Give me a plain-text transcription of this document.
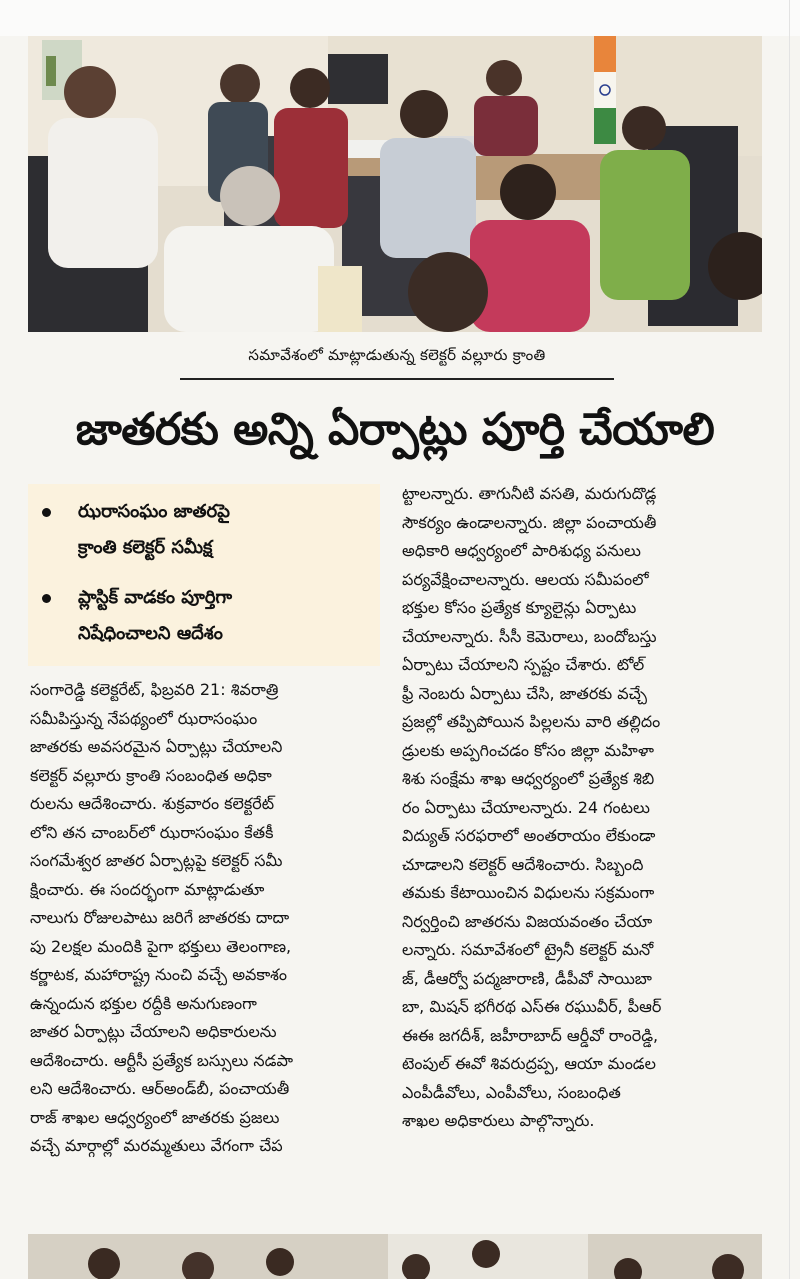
సమావేశంలో మాట్లాడుతున్న కలెక్టర్ వల్లూరు క్రాంతి
జాతరకు అన్ని ఏర్పాట్లు పూర్తి చేయాలి
ఝరాసంఘం జాతరపై
క్రాంతి కలెక్టర్ సమీక్ష
ప్లాస్టిక్ వాడకం పూర్తిగా
నిషేధించాలని ఆదేశం
సంగారెడ్డి కలెక్టరేట్, ఫిబ్రవరి 21: శివరాత్రి
సమీపిస్తున్న నేపథ్యంలో ఝరాసంఘం
జాతరకు అవసరమైన ఏర్పాట్లు చేయాలని
కలెక్టర్ వల్లూరు క్రాంతి సంబంధిత అధికా
రులను ఆదేశించారు. శుక్రవారం కలెక్టరేట్
లోని తన చాంబర్‌లో ఝరాసంఘం కేతకీ
సంగమేశ్వర జాతర ఏర్పాట్లపై కలెక్టర్ సమీ
క్షించారు. ఈ సందర్భంగా మాట్లాడుతూ
నాలుగు రోజులపాటు జరిగే జాతరకు దాదా
పు 2లక్షల మందికి పైగా భక్తులు తెలంగాణ,
కర్ణాటక, మహారాష్ట్ర నుంచి వచ్చే అవకాశం
ఉన్నందున భక్తుల రద్దీకి అనుగుణంగా
జాతర ఏర్పాట్లు చేయాలని అధికారులను
ఆదేశించారు. ఆర్టీసీ ప్రత్యేక బస్సులు నడపా
లని ఆదేశించారు. ఆర్‌అండ్‌బీ, పంచాయతీ
రాజ్ శాఖల ఆధ్వర్యంలో జాతరకు ప్రజలు
వచ్చే మార్గాల్లో మరమ్మతులు వేగంగా చేప
ట్టాలన్నారు. తాగునీటి వసతి, మరుగుదొడ్ల
సౌకర్యం ఉండాలన్నారు. జిల్లా పంచాయతీ
అధికారి ఆధ్వర్యంలో పారిశుధ్య పనులు
పర్యవేక్షించాలన్నారు. ఆలయ సమీపంలో
భక్తుల కోసం ప్రత్యేక క్యూలైన్లు ఏర్పాటు
చేయాలన్నారు. సీసీ కెమెరాలు, బందోబస్తు
ఏర్పాటు చేయాలని స్పష్టం చేశారు. టోల్
ఫ్రీ నెంబరు ఏర్పాటు చేసి, జాతరకు వచ్చే
ప్రజల్లో తప్పిపోయిన పిల్లలను వారి తల్లిదం
డ్రులకు అప్పగించడం కోసం జిల్లా మహిళా
శిశు సంక్షేమ శాఖ ఆధ్వర్యంలో ప్రత్యేక శిబి
రం ఏర్పాటు చేయాలన్నారు. 24 గంటలు
విద్యుత్ సరఫరాలో అంతరాయం లేకుండా
చూడాలని కలెక్టర్ ఆదేశించారు. సిబ్బంది
తమకు కేటాయించిన విధులను సక్రమంగా
నిర్వర్తించి జాతరను విజయవంతం చేయా
లన్నారు. సమావేశంలో ట్రైనీ కలెక్టర్ మనో
జ్, డీఆర్వో పద్మజారాణి, డీపీవో సాయిబా
బా, మిషన్ భగీరథ ఎస్ఈ రఘువీర్, పీఆర్
ఈఈ జగదీశ్, జహీరాబాద్ ఆర్డీవో రాంరెడ్డి,
టెంపుల్ ఈవో శివరుద్రప్ప, ఆయా మండల
ఎంపీడీవోలు, ఎంపీవోలు, సంబంధిత
శాఖల అధికారులు పాల్గొన్నారు.
